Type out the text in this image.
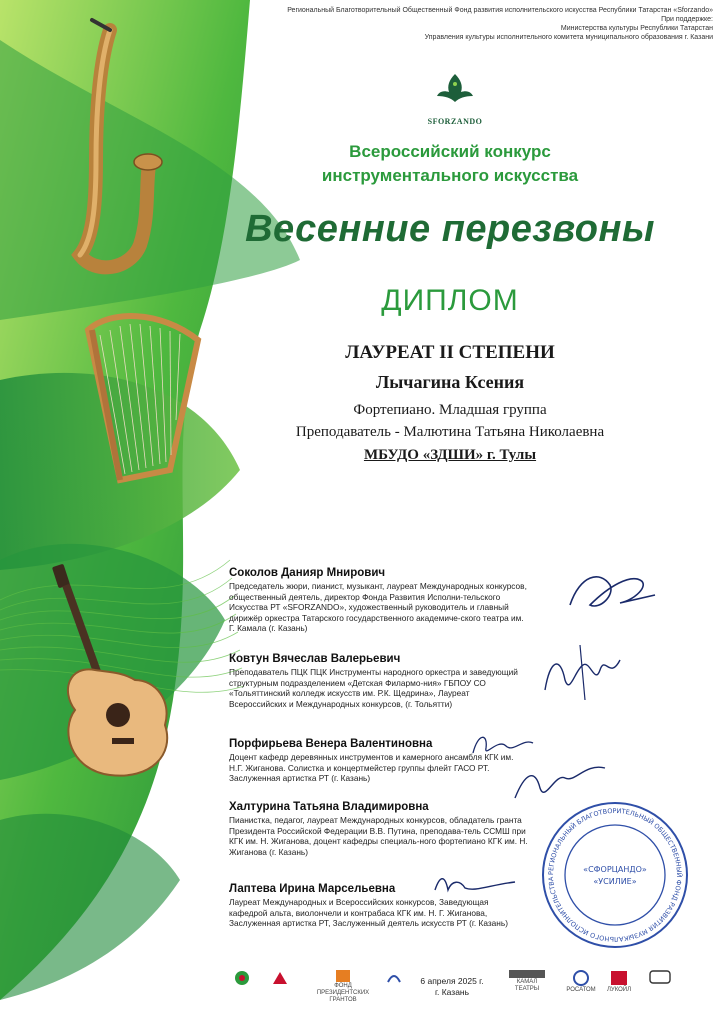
Региональный Благотворительный Общественный Фонд развития исполнительского искусства Республики Татарстан «Sforzando»
При поддержке:
Министерства культуры Республики Татарстан
Управления культуры исполнительного комитета муниципального образования г. Казани
SFORZANDO
Всероссийский конкурс
инструментального искусства
Весенние перезвоны
ДИПЛОМ
ЛАУРЕАТ II СТЕПЕНИ
Лычагина Ксения
Фортепиано. Младшая группа
Преподаватель - Малютина Татьяна Николаевна
МБУДО «ЗДШИ» г. Тулы
Соколов Данияр Мнирович
Председатель жюри, пианист, музыкант, лауреат Международных конкурсов, общественный деятель, директор Фонда Развития Исполни-тельского Искусства РТ «SFORZANDO», художественный руководитель и главный дирижёр оркестра Татарского государственного академиче-ского театра им. Г. Камала (г. Казань)
Ковтун Вячеслав Валерьевич
Преподаватель ПЦК ПЦК Инструменты народного оркестра и заведующий структурным подразделением «Детская Филармо-ния» ГБПОУ СО «Тольяттинский колледж искусств им. Р.К. Щедрина», Лауреат Всероссийских и Международных конкурсов, (г. Тольятти)
Порфирьева Венера Валентиновна
Доцент кафедр деревянных инструментов и камерного ансамбля КГК им. Н.Г. Жиганова. Солистка и концертмейстер группы флейт ГАСО РТ. Заслуженная артистка РТ (г. Казань)
Халтурина Татьяна Владимировна
Пианистка, педагог, лауреат Международных конкурсов, обладатель гранта Президента Российской Федерации В.В. Путина, преподава-тель ССМШ при КГК им. Н. Жиганова, доцент кафедры специаль-ного фортепиано КГК им. Н. Жиганова (г. Казань)
Лаптева Ирина Марсельевна
Лауреат Международных и Всероссийских конкурсов, Заведующая кафедрой альта, виолончели и контрабаса КГК им. Н. Г. Жиганова, Заслуженная артистка РТ, Заслуженный деятель искусств РТ (г. Казань)
РЕГИОНАЛЬНЫЙ БЛАГОТВОРИТЕЛЬНЫЙ ОБЩЕСТВЕННЫЙ ФОНД РАЗВИТИЯ МУЗЫКАЛЬНОГО ИСПОЛНИТЕЛЬСТВА
«СФОРЦАНДО»
«УСИЛИЕ»
6 апреля 2025 г.
г. Казань
ФОНД ПРЕЗИДЕНТСКИХ ГРАНТОВ
КАМАЛ ТЕАТРЫ	РОСАТОМ	ЛУКОЙЛ
